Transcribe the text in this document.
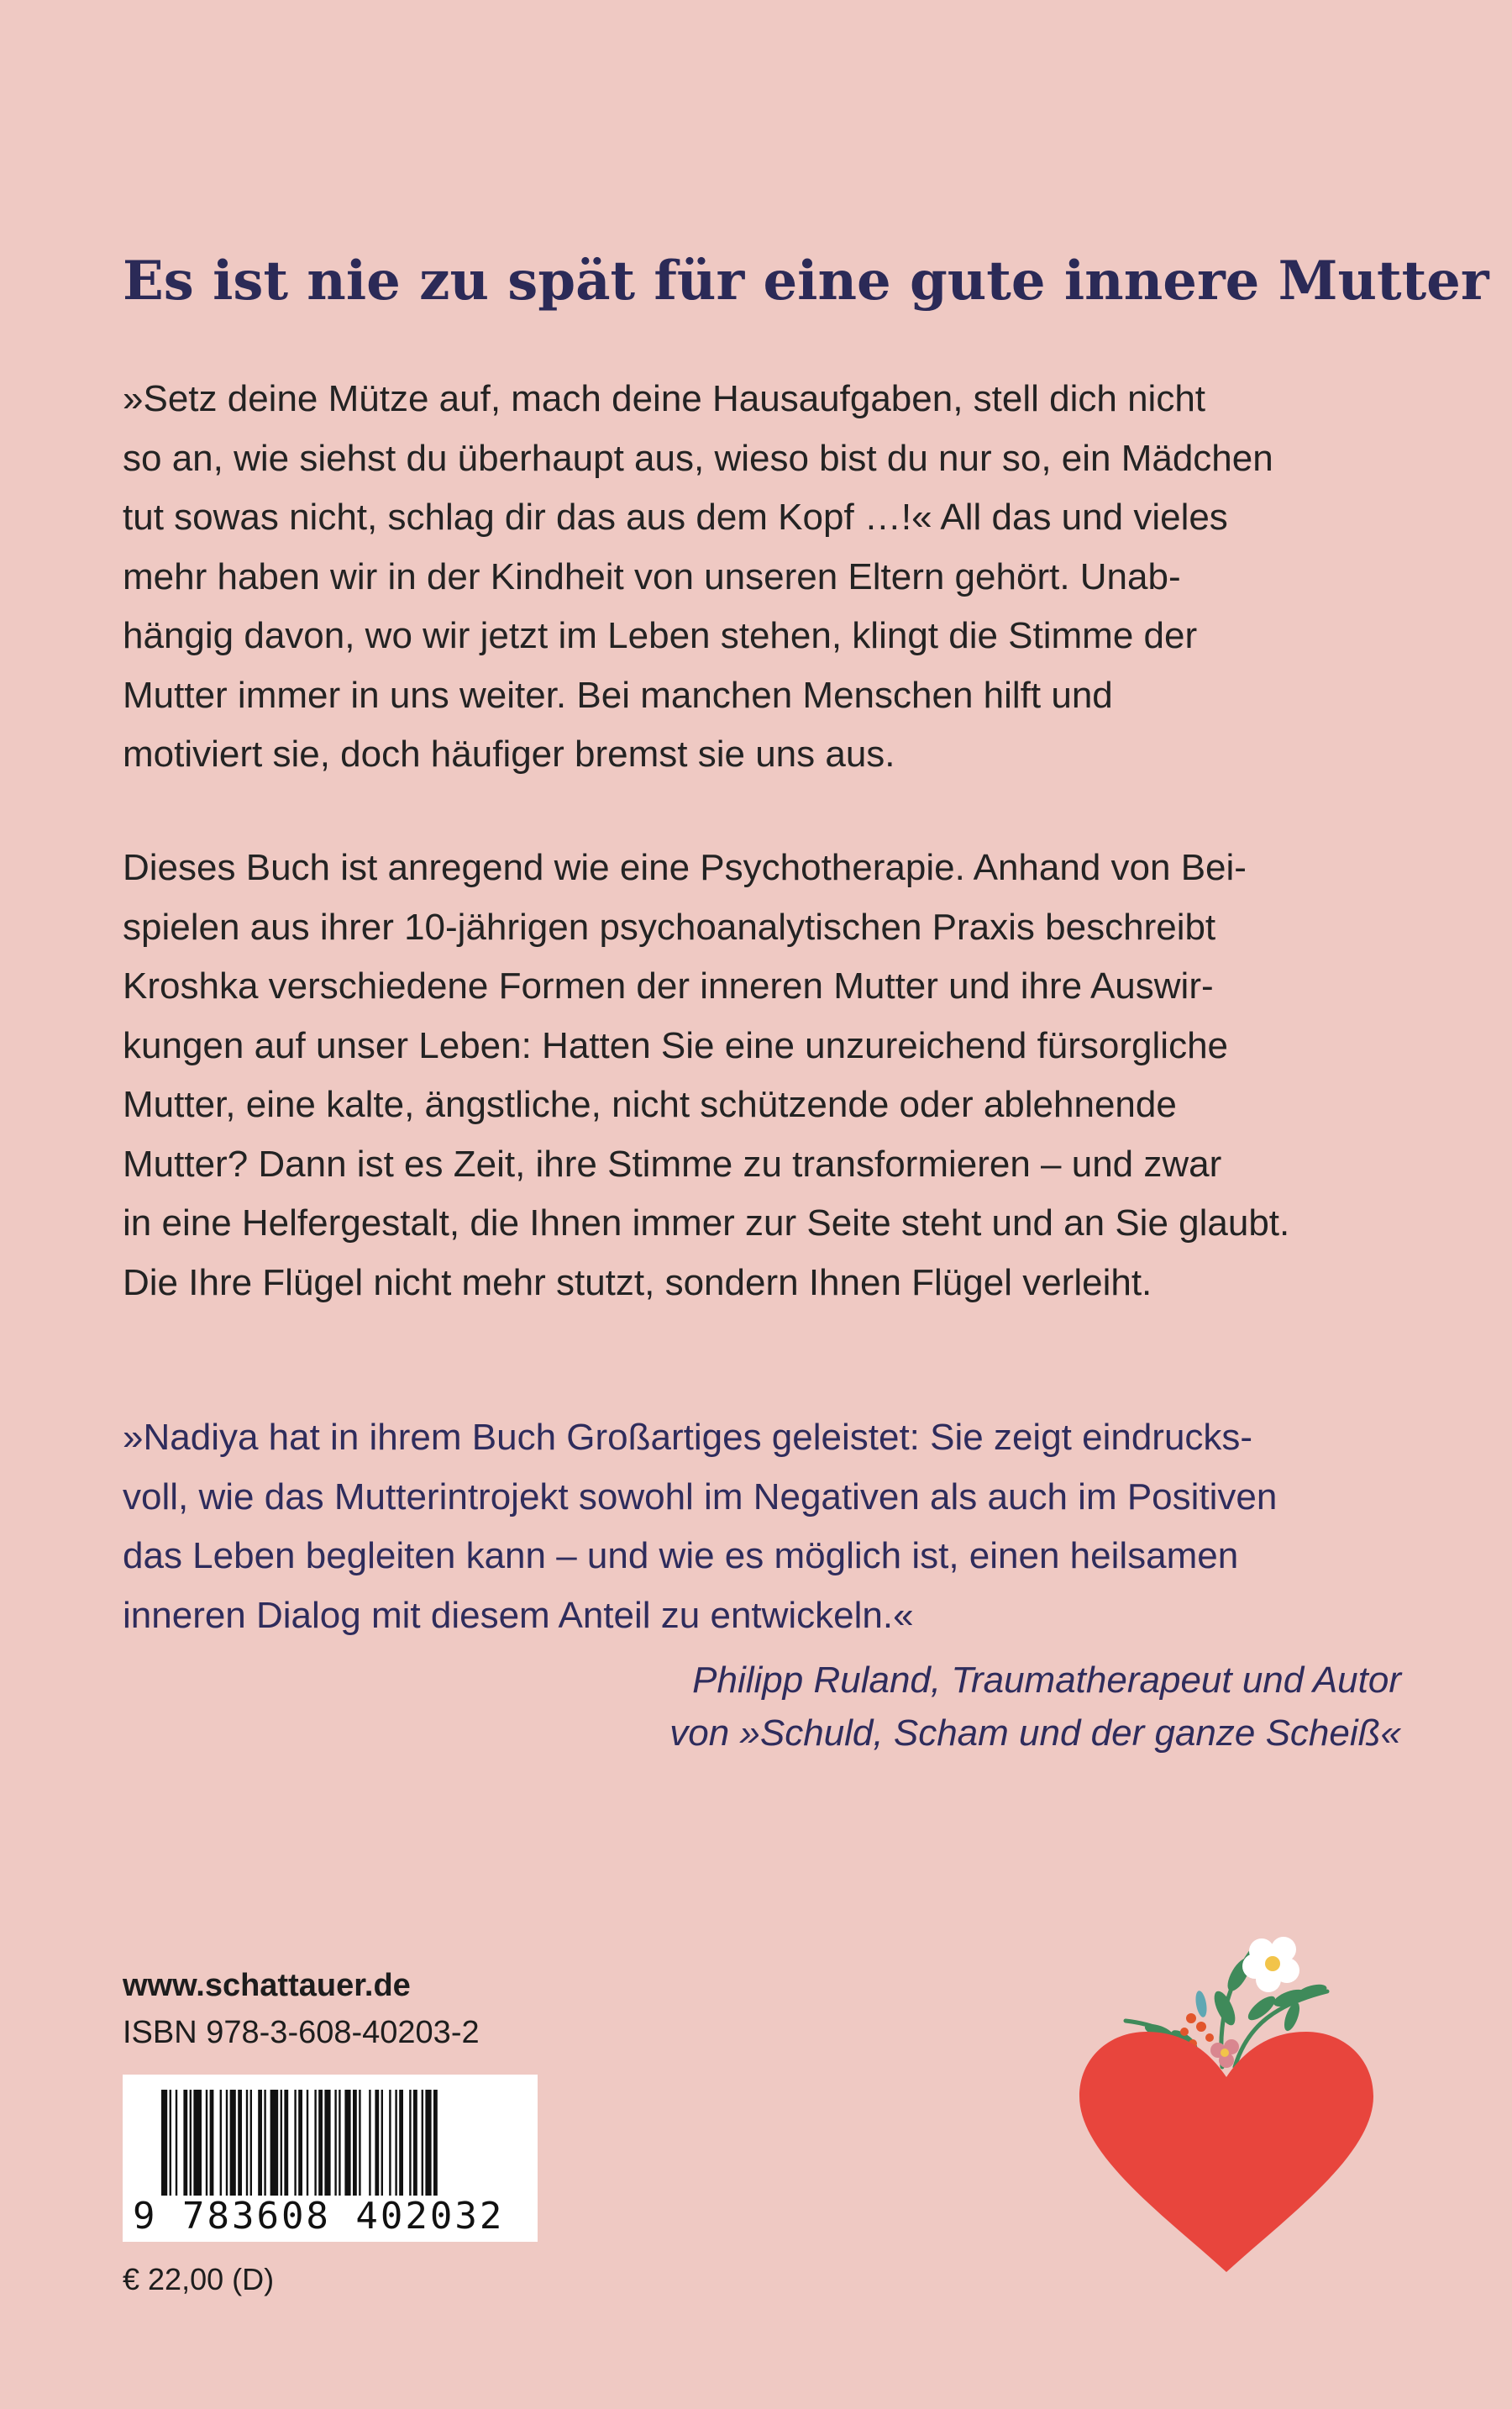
Es ist nie zu spät für eine gute innere Mutter
»Setz deine Mütze auf, mach deine Hausaufgaben, stell dich nicht
so an, wie siehst du überhaupt aus, wieso bist du nur so, ein Mädchen
tut sowas nicht, schlag dir das aus dem Kopf …!« All das und vieles
mehr haben wir in der Kindheit von unseren Eltern gehört. Unab-
hängig davon, wo wir jetzt im Leben stehen, klingt die Stimme der
Mutter immer in uns weiter. Bei manchen Menschen hilft und
motiviert sie, doch häufiger bremst sie uns aus.
Dieses Buch ist anregend wie eine Psychotherapie. Anhand von Bei-
spielen aus ihrer 10-jährigen psychoanalytischen Praxis beschreibt
Kroshka verschiedene Formen der inneren Mutter und ihre Auswir-
kungen auf unser Leben: Hatten Sie eine unzureichend fürsorgliche
Mutter, eine kalte, ängstliche, nicht schützende oder ablehnende
Mutter? Dann ist es Zeit, ihre Stimme zu transformieren – und zwar
in eine Helfergestalt, die Ihnen immer zur Seite steht und an Sie glaubt.
Die Ihre Flügel nicht mehr stutzt, sondern Ihnen Flügel verleiht.
»Nadiya hat in ihrem Buch Großartiges geleistet: Sie zeigt eindrucks-
voll, wie das Mutterintrojekt sowohl im Negativen als auch im Positiven
das Leben begleiten kann – und wie es möglich ist, einen heilsamen
inneren Dialog mit diesem Anteil zu entwickeln.«
Philipp Ruland, Traumatherapeut und Autor
von »Schuld, Scham und der ganze Scheiß«
www.schattauer.de
ISBN 978-3-608-40203-2
9 783608 402032
€ 22,00 (D)
